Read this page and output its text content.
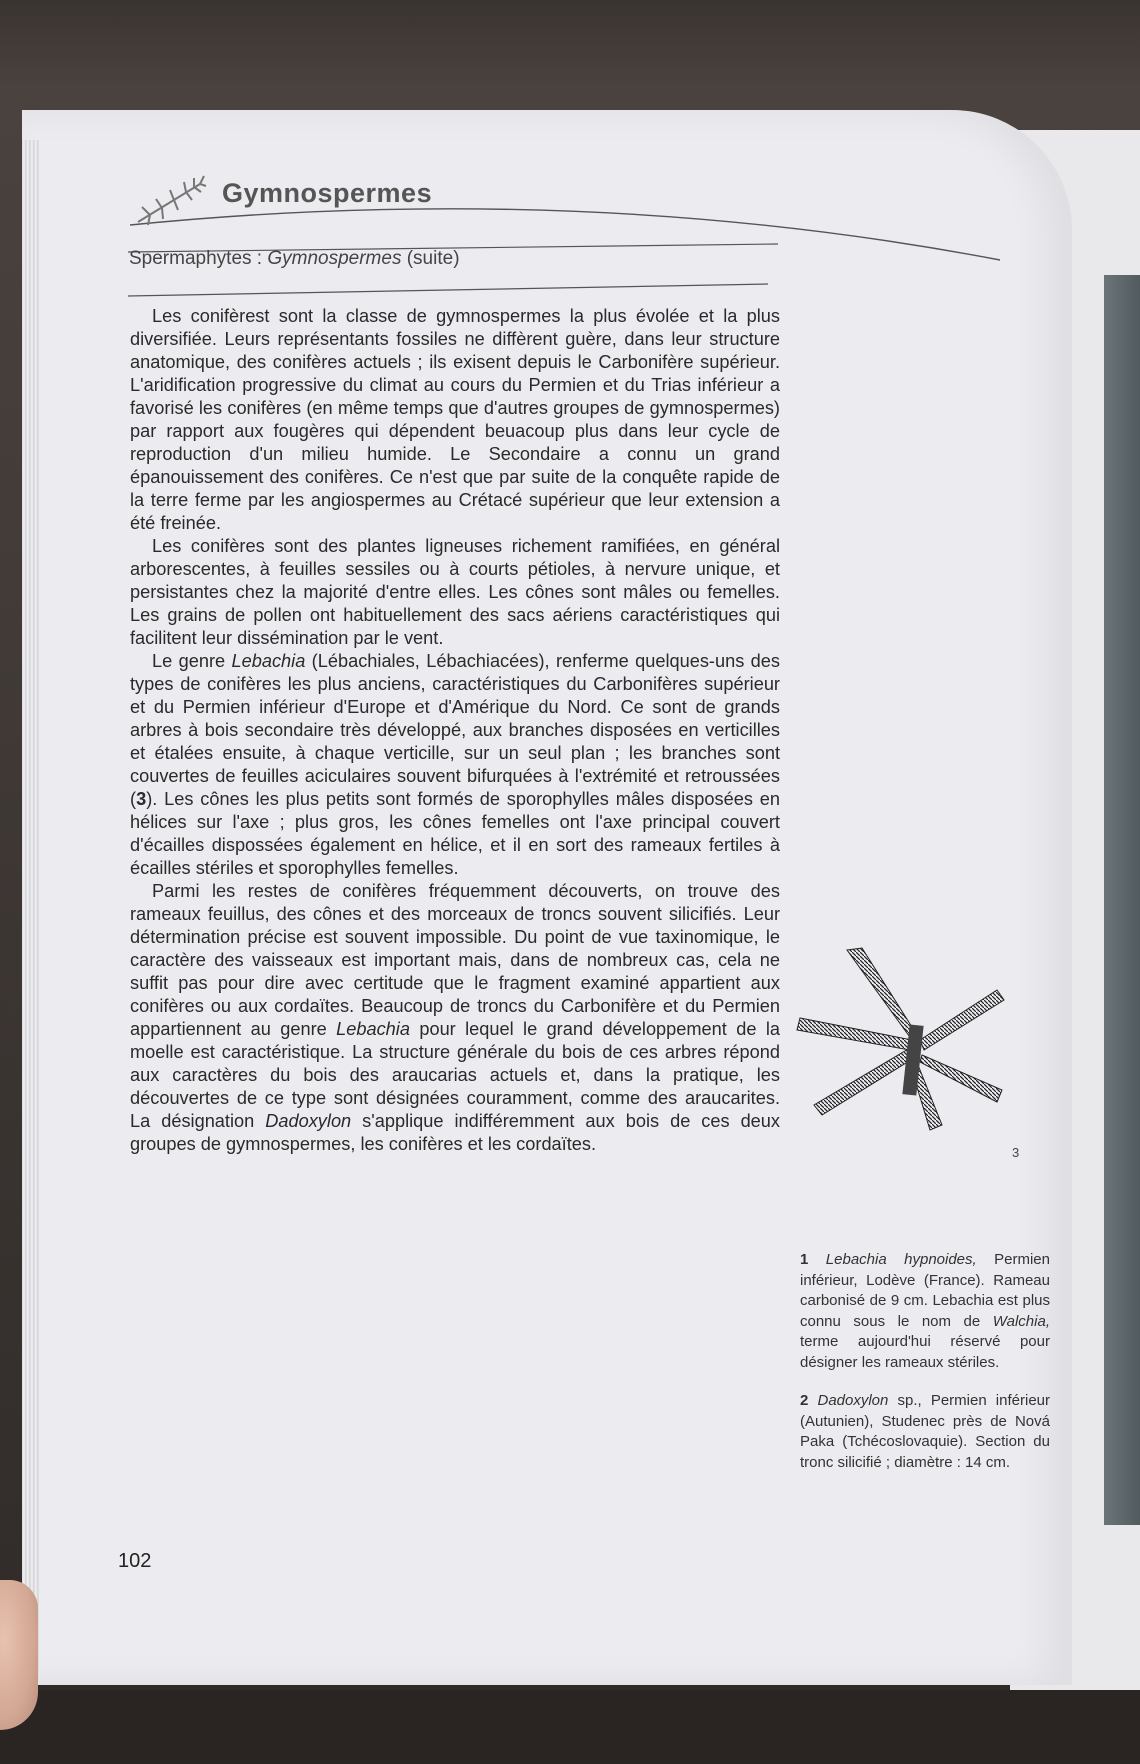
Gymnospermes
Spermaphytes : Gymnospermes (suite)

Les conifèrest sont la classe de gymnospermes la plus évolée et la plus diversifiée. Leurs représentants fossiles ne diffèrent guère, dans leur structure anatomique, des conifères actuels ; ils exisent depuis le Carbonifère supérieur. L'aridification progressive du climat au cours du Permien et du Trias inférieur a favorisé les conifères (en même temps que d'autres groupes de gymnospermes) par rapport aux fougères qui dépendent beuacoup plus dans leur cycle de reproduction d'un milieu humide. Le Secondaire a connu un grand épanouissement des conifères. Ce n'est que par suite de la conquête rapide de la terre ferme par les angiospermes au Crétacé supérieur que leur extension a été freinée.

Les conifères sont des plantes ligneuses richement ramifiées, en général arborescentes, à feuilles sessiles ou à courts pétioles, à nervure unique, et persistantes chez la majorité d'entre elles. Les cônes sont mâles ou femelles. Les grains de pollen ont habituellement des sacs aériens caractéristiques qui facilitent leur dissémination par le vent.

Le genre Lebachia (Lébachiales, Lébachiacées), renferme quelques-uns des types de conifères les plus anciens, caractéristiques du Carbonifères supérieur et du Permien inférieur d'Europe et d'Amérique du Nord. Ce sont de grands arbres à bois secondaire très développé, aux branches disposées en verticilles et étalées ensuite, à chaque verticille, sur un seul plan ; les branches sont couvertes de feuilles aciculaires souvent bifurquées à l'extrémité et retroussées (3). Les cônes les plus petits sont formés de sporophylles mâles disposées en hélices sur l'axe ; plus gros, les cônes femelles ont l'axe principal couvert d'écailles dispossées également en hélice, et il en sort des rameaux fertiles à écailles stériles et sporophylles femelles.

Parmi les restes de conifères fréquemment découverts, on trouve des rameaux feuillus, des cônes et des morceaux de troncs souvent silicifiés. Leur détermination précise est souvent impossible. Du point de vue taxinomique, le caractère des vaisseaux est important mais, dans de nombreux cas, cela ne suffit pas pour dire avec certitude que le fragment examiné appartient aux conifères ou aux cordaïtes. Beaucoup de troncs du Carbonifère et du Permien appartiennent au genre Lebachia pour lequel le grand développement de la moelle est caractéristique. La structure générale du bois de ces arbres répond aux caractères du bois des araucarias actuels et, dans la pratique, les découvertes de ce type sont désignées couramment, comme des araucarites. La désignation Dadoxylon s'applique indifféremment aux bois de ces deux groupes de gymnospermes, les conifères et les cordaïtes.	3

1 Lebachia hypnoides, Permien inférieur, Lodève (France). Rameau carbonisé de 9 cm. Lebachia est plus connu sous le nom de Walchia, terme aujourd'hui réservé pour désigner les rameaux stériles.

2 Dadoxylon sp., Permien inférieur (Autunien), Studenec près de Nová Paka (Tchécoslovaquie). Section du tronc silicifié ; diamètre : 14 cm.

102
